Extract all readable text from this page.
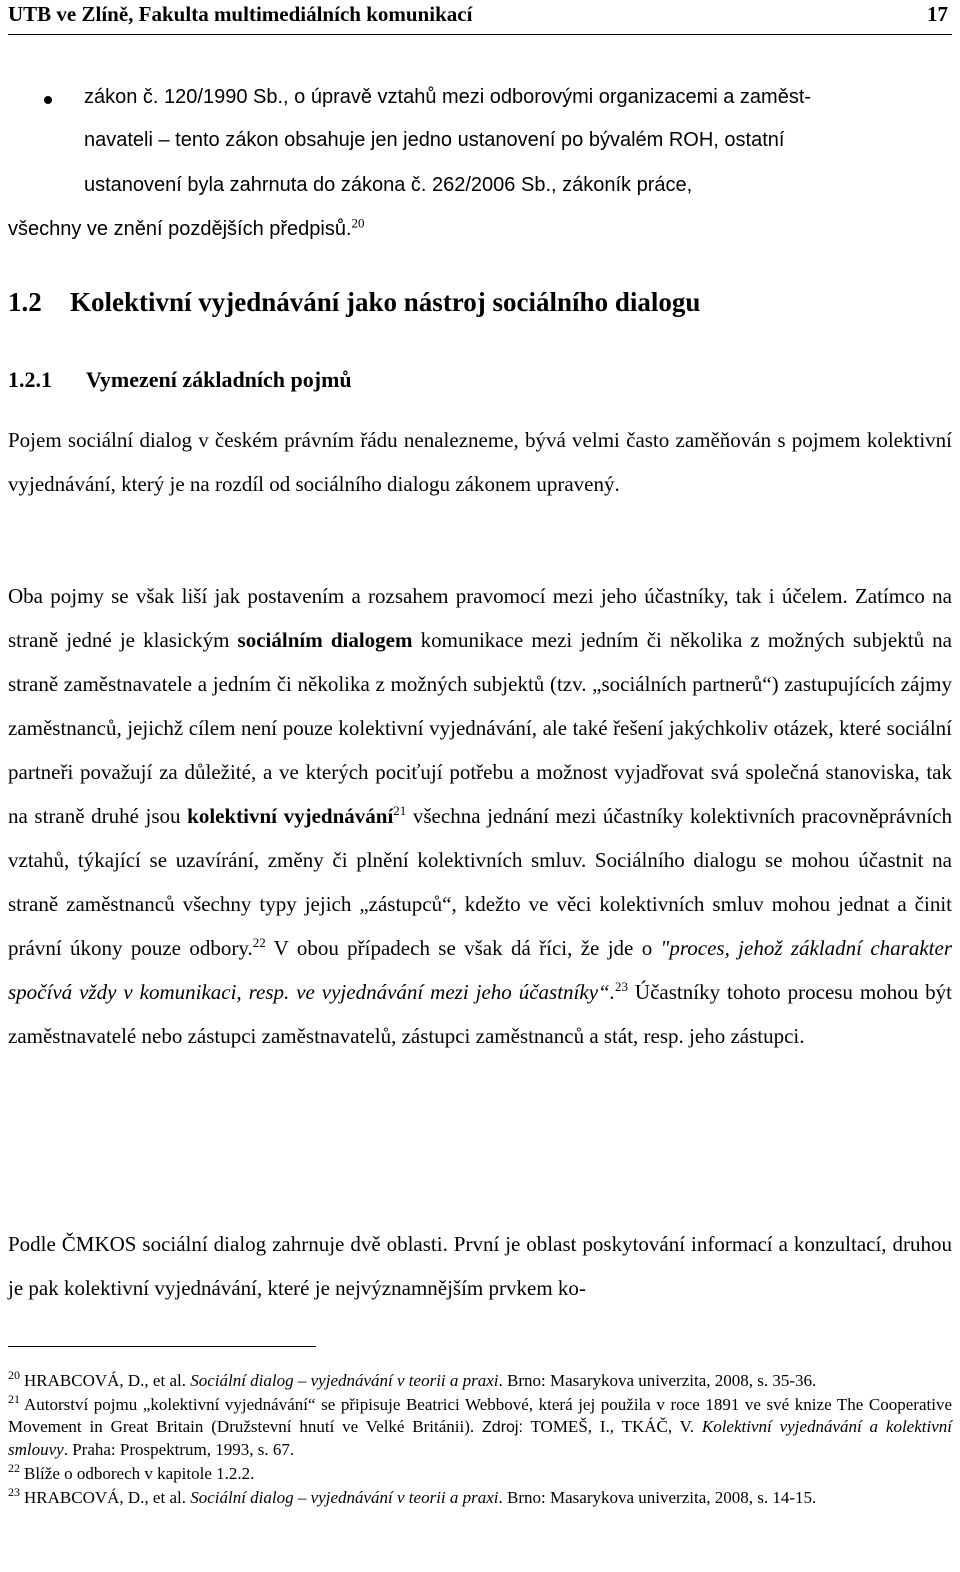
UTB ve Zlíně, Fakulta multimediálních komunikací	17
zákon č. 120/1990 Sb., o úpravě vztahů mezi odborovými organizacemi a zaměst-
navateli – tento zákon obsahuje jen jedno ustanovení po bývalém ROH, ostatní
ustanovení byla zahrnuta do zákona č. 262/2006 Sb., zákoník práce,
všechny ve znění pozdějších předpisů.$^{20}$
1.2 Kolektivní vyjednávání jako nástroj sociálního dialogu
1.2.1 Vymezení základních pojmů
Pojem sociální dialog v českém právním řádu nenalezneme, bývá velmi často zaměňován s pojmem kolektivní vyjednávání, který je na rozdíl od sociálního dialogu zákonem upravený.
Oba pojmy se však liší jak postavením a rozsahem pravomocí mezi jeho účastníky, tak i účelem. Zatímco na straně jedné je klasickým sociálním dialogem komunikace mezi jedním či několika z možných subjektů na straně zaměstnavatele a jedním či několika z možných subjektů (tzv. „sociálních partnerů“) zastupujících zájmy zaměstnanců, jejichž cílem není pouze kolektivní vyjednávání, ale také řešení jakýchkoliv otázek, které sociální partneři považují za důležité, a ve kterých pociťují potřebu a možnost vyjadřovat svá společná stanoviska, tak na straně druhé jsou kolektivní vyjednávání$^{21}$ všechna jednání mezi účastníky kolektivních pracovněprávních vztahů, týkající se uzavírání, změny či plnění kolektivních smluv. Sociálního dialogu se mohou účastnit na straně zaměstnanců všechny typy jejich „zástupců“, kdežto ve věci kolektivních smluv mohou jednat a činit právní úkony pouze odbory.$^{22}$ V obou případech se však dá říci, že jde o "proces, jehož základní charakter spočívá vždy v komunikaci, resp. ve vyjednávání mezi jeho účastníky“.$^{23}$ Účastníky tohoto procesu mohou být zaměstnavatelé nebo zástupci zaměstnavatelů, zástupci zaměstnanců a stát, resp. jeho zástupci.
Podle ČMKOS sociální dialog zahrnuje dvě oblasti. První je oblast poskytování informací a konzultací, druhou je pak kolektivní vyjednávání, které je nejvýznamnějším prvkem ko-
$^{20}$ HRABCOVÁ, D., et al. Sociální dialog – vyjednávání v teorii a praxi. Brno: Masarykova univerzita, 2008, s. 35-36.
$^{21}$ Autorství pojmu „kolektivní vyjednávání“ se připisuje Beatrici Webbové, která jej použila v roce 1891 ve své knize The Cooperative Movement in Great Britain (Družstevní hnutí ve Velké Británii). Zdroj: TOMEŠ, I., TKÁČ, V. Kolektivní vyjednávání a kolektivní smlouvy. Praha: Prospektrum, 1993, s. 67.
$^{22}$ Blíže o odborech v kapitole 1.2.2.
$^{23}$ HRABCOVÁ, D., et al. Sociální dialog – vyjednávání v teorii a praxi. Brno: Masarykova univerzita, 2008, s. 14-15.
